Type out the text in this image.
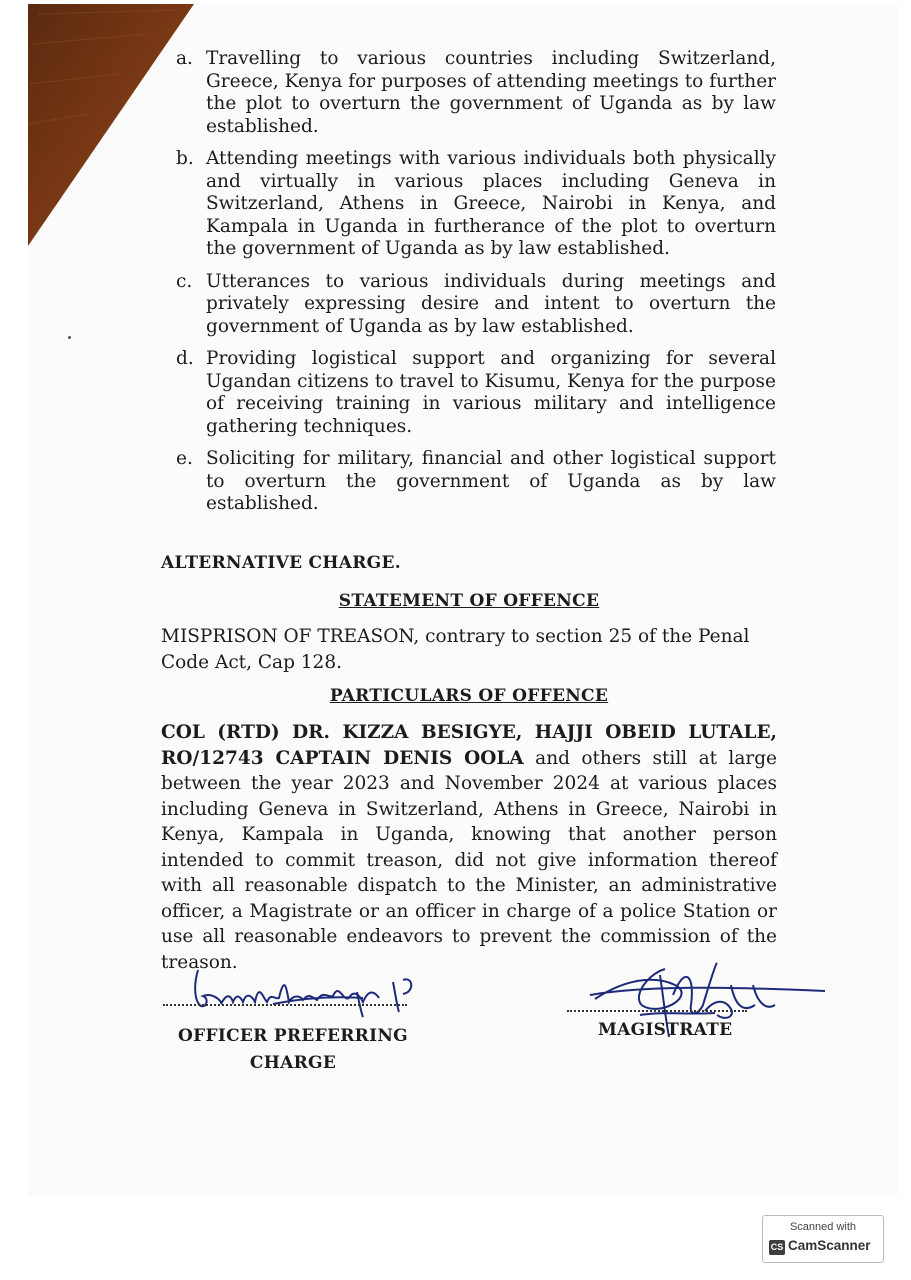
a. Travelling to various countries including Switzerland, Greece, Kenya for purposes of attending meetings to further the plot to overturn the government of Uganda as by law established.
b. Attending meetings with various individuals both physically and virtually in various places including Geneva in Switzerland, Athens in Greece, Nairobi in Kenya, and Kampala in Uganda in furtherance of the plot to overturn the government of Uganda as by law established.
c. Utterances to various individuals during meetings and privately expressing desire and intent to overturn the government of Uganda as by law established.
d. Providing logistical support and organizing for several Ugandan citizens to travel to Kisumu, Kenya for the purpose of receiving training in various military and intelligence gathering techniques.
e. Soliciting for military, financial and other logistical support to overturn the government of Uganda as by law established.
ALTERNATIVE CHARGE.
STATEMENT OF OFFENCE
MISPRISON OF TREASON, contrary to section 25 of the Penal Code Act, Cap 128.
PARTICULARS OF OFFENCE
COL (RTD) DR. KIZZA BESIGYE, HAJJI OBEID LUTALE, RO/12743 CAPTAIN DENIS OOLA and others still at large between the year 2023 and November 2024 at various places including Geneva in Switzerland, Athens in Greece, Nairobi in Kenya, Kampala in Uganda, knowing that another person intended to commit treason, did not give information thereof with all reasonable dispatch to the Minister, an administrative officer, a Magistrate or an officer in charge of a police Station or use all reasonable endeavors to prevent the commission of the treason.
OFFICER PREFERRING
CHARGE
MAGISTRATE
Scanned with
CS CamScanner
